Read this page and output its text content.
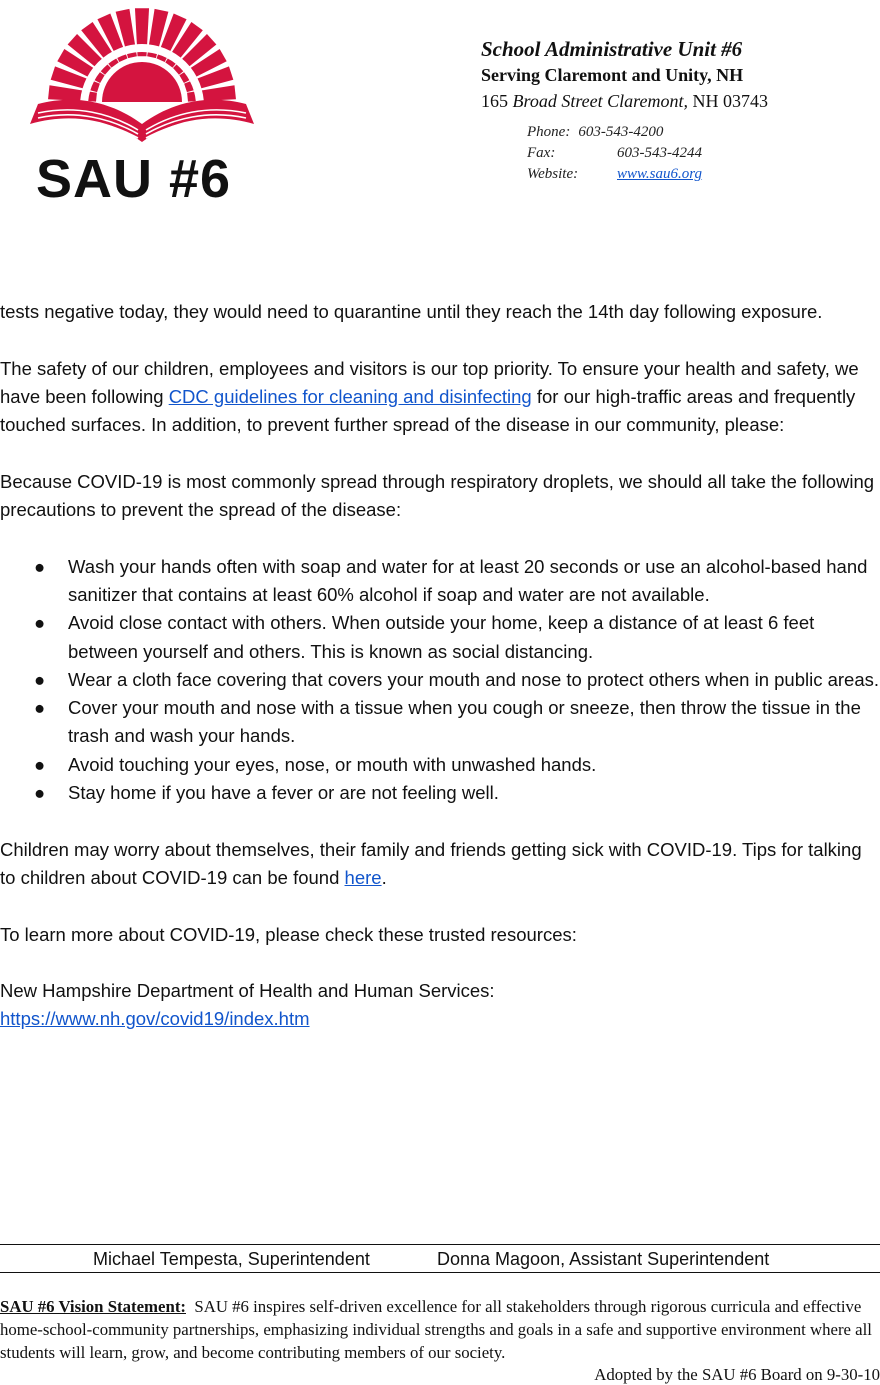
SAU #6
School Administrative Unit #6
Serving Claremont and Unity, NH
165 Broad Street Claremont, NH 03743
Phone: 603-543-4200
Fax:	603-543-4244
Website:	www.sau6.org

tests negative today, they would need to quarantine until they reach the 14th day following exposure.

The safety of our children, employees and visitors is our top priority. To ensure your health and safety, we have been following CDC guidelines for cleaning and disinfecting for our high-traffic areas and frequently touched surfaces. In addition, to prevent further spread of the disease in our community, please:

Because COVID-19 is most commonly spread through respiratory droplets, we should all take the following precautions to prevent the spread of the disease:

● Wash your hands often with soap and water for at least 20 seconds or use an alcohol-based hand sanitizer that contains at least 60% alcohol if soap and water are not available.
● Avoid close contact with others. When outside your home, keep a distance of at least 6 feet between yourself and others. This is known as social distancing.
● Wear a cloth face covering that covers your mouth and nose to protect others when in public areas.
● Cover your mouth and nose with a tissue when you cough or sneeze, then throw the tissue in the trash and wash your hands.
● Avoid touching your eyes, nose, or mouth with unwashed hands.
● Stay home if you have a fever or are not feeling well.

Children may worry about themselves, their family and friends getting sick with COVID-19. Tips for talking to children about COVID-19 can be found here.

To learn more about COVID-19, please check these trusted resources:

New Hampshire Department of Health and Human Services:
https://www.nh.gov/covid19/index.htm

Michael Tempesta, Superintendent	Donna Magoon, Assistant Superintendent
SAU #6 Vision Statement: SAU #6 inspires self-driven excellence for all stakeholders through rigorous curricula and effective home-school-community partnerships, emphasizing individual strengths and goals in a safe and supportive environment where all students will learn, grow, and become contributing members of our society.
Adopted by the SAU #6 Board on 9-30-10
